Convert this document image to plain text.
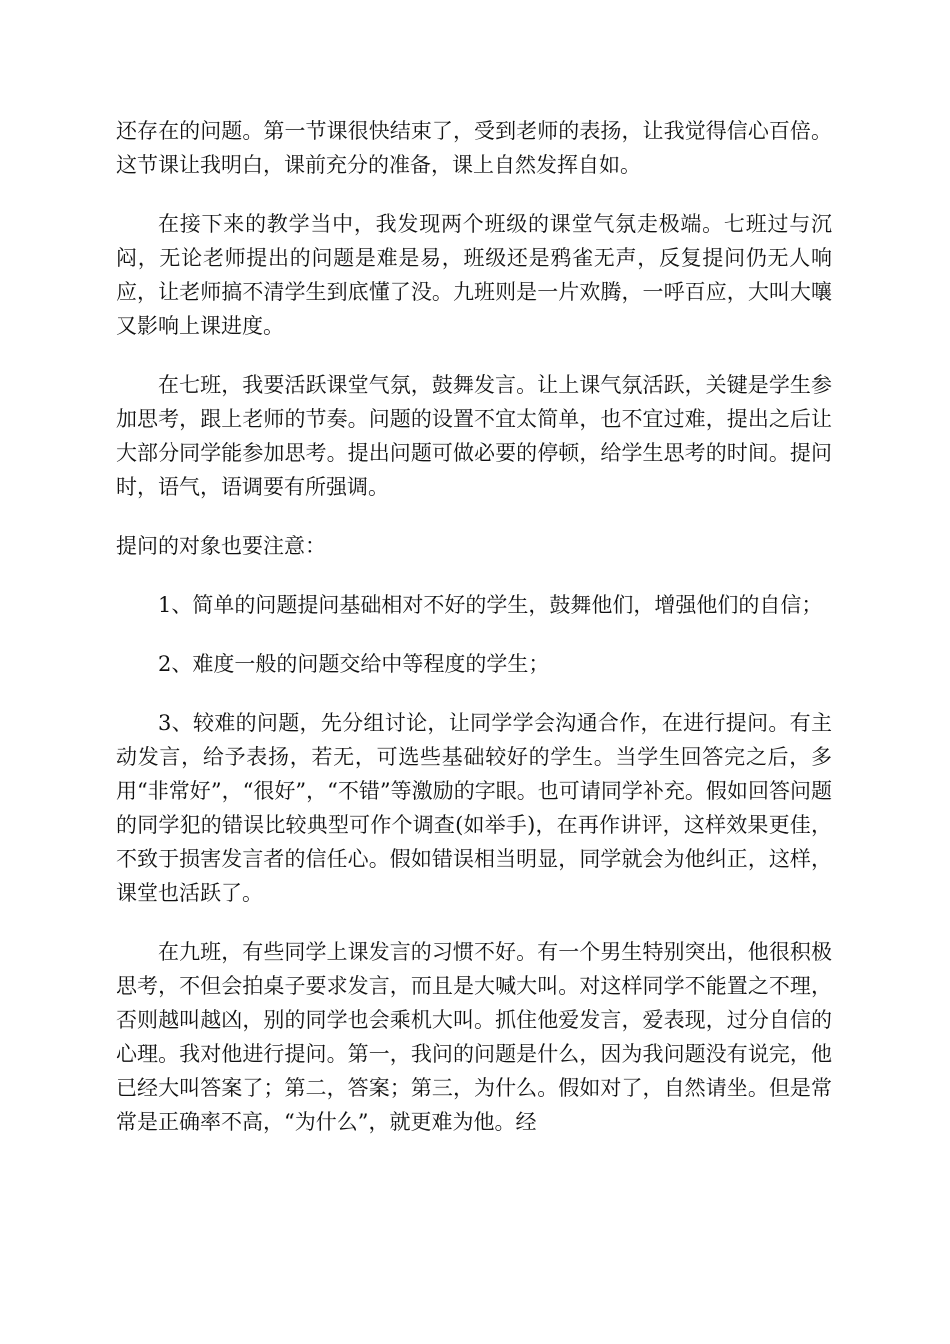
还存在的问题。第一节课很快结束了，受到老师的表扬，让我觉得信心百倍。这节课让我明白，课前充分的准备，课上自然发挥自如。

在接下来的教学当中，我发现两个班级的课堂气氛走极端。七班过与沉闷，无论老师提出的问题是难是易，班级还是鸦雀无声，反复提问仍无人响应，让老师搞不清学生到底懂了没。九班则是一片欢腾，一呼百应，大叫大嚷又影响上课进度。

在七班，我要活跃课堂气氛，鼓舞发言。让上课气氛活跃，关键是学生参加思考，跟上老师的节奏。问题的设置不宜太简单，也不宜过难，提出之后让大部分同学能参加思考。提出问题可做必要的停顿，给学生思考的时间。提问时，语气，语调要有所强调。

提问的对象也要注意：

1、简单的问题提问基础相对不好的学生，鼓舞他们，增强他们的自信；

2、难度一般的问题交给中等程度的学生；

3、较难的问题，先分组讨论，让同学学会沟通合作，在进行提问。有主动发言，给予表扬，若无，可选些基础较好的学生。当学生回答完之后，多用“非常好”，“很好”，“不错”等激励的字眼。也可请同学补充。假如回答问题的同学犯的错误比较典型可作个调查(如举手)，在再作讲评，这样效果更佳，不致于损害发言者的信任心。假如错误相当明显，同学就会为他纠正，这样，课堂也活跃了。

在九班，有些同学上课发言的习惯不好。有一个男生特别突出，他很积极思考，不但会拍桌子要求发言，而且是大喊大叫。对这样同学不能置之不理，否则越叫越凶，别的同学也会乘机大叫。抓住他爱发言，爱表现，过分自信的心理。我对他进行提问。第一，我问的问题是什么，因为我问题没有说完，他已经大叫答案了；第二，答案；第三，为什么。假如对了，自然请坐。但是常常是正确率不高，“为什么”，就更难为他。经
